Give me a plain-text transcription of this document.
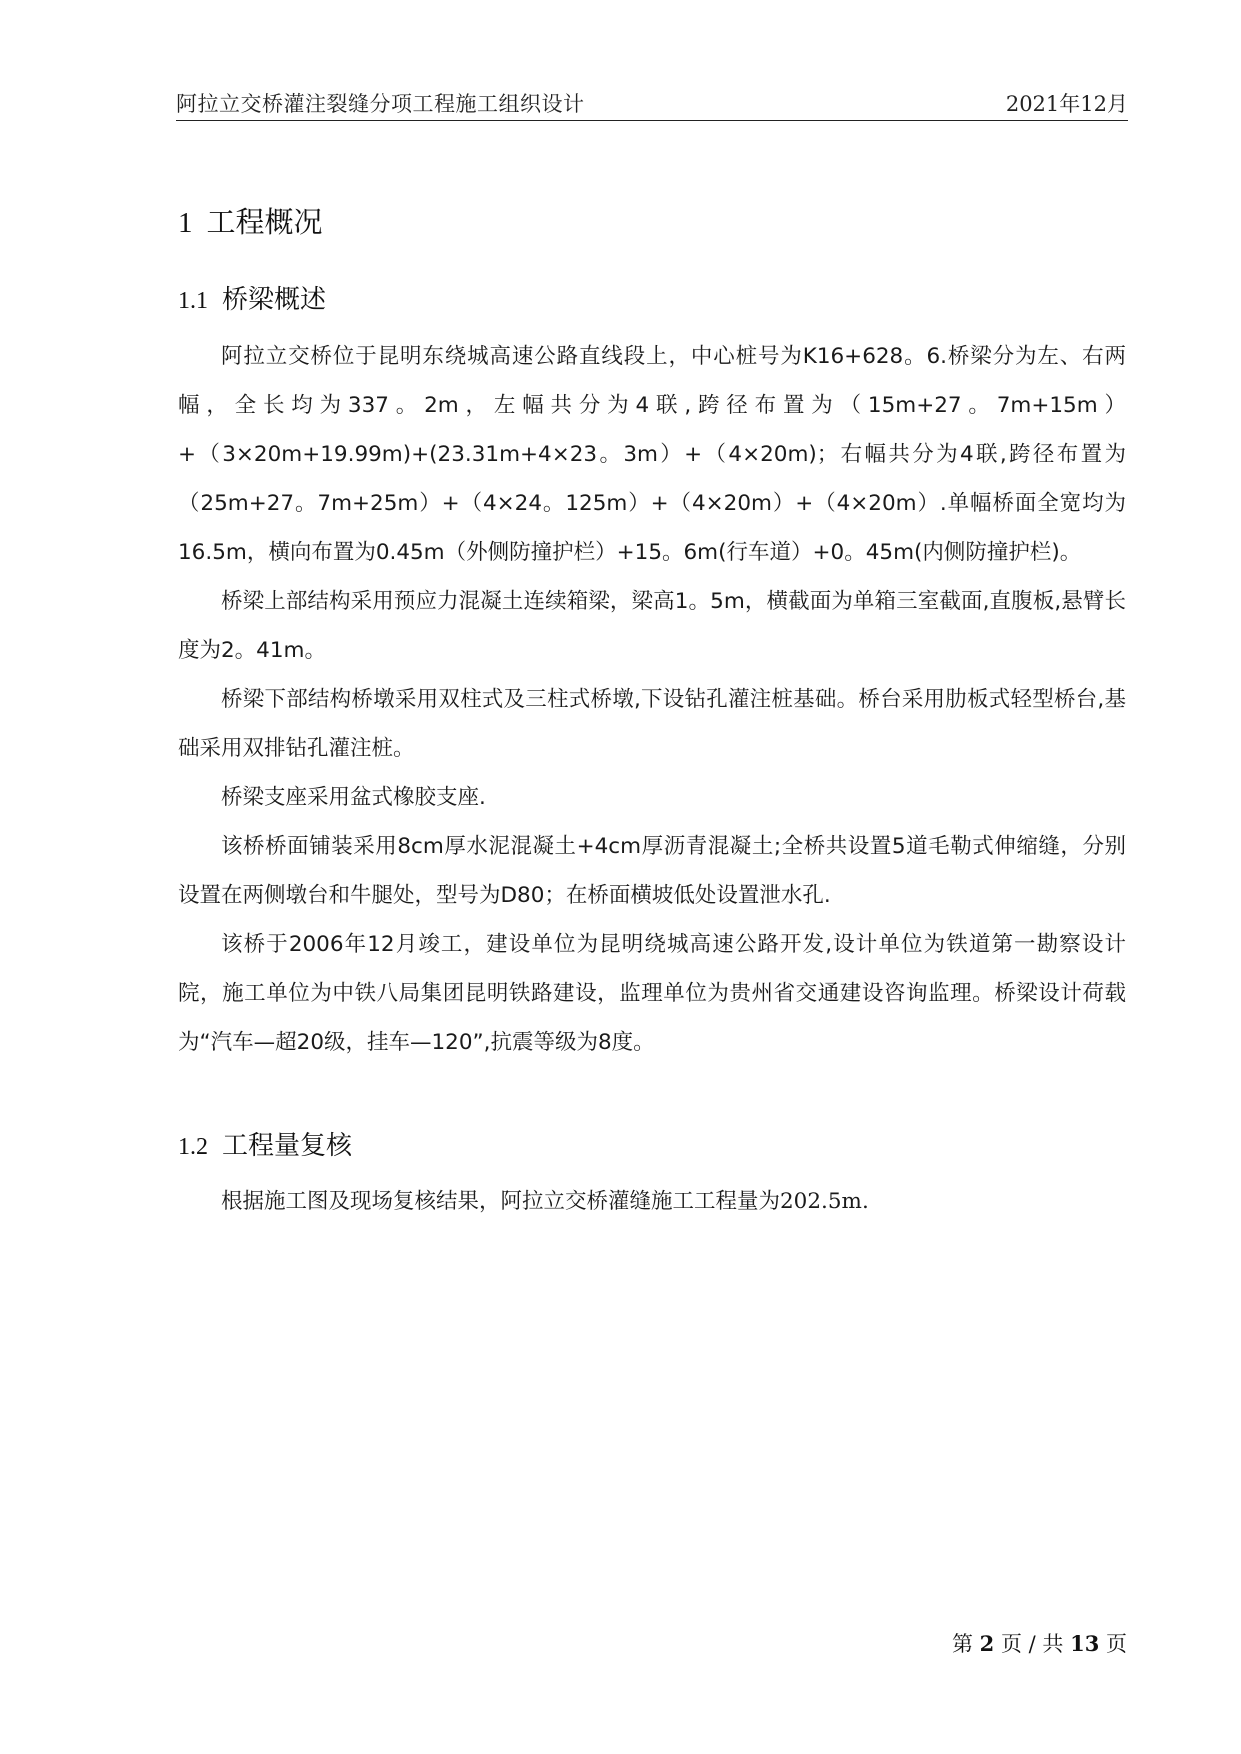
阿拉立交桥灌注裂缝分项工程施工组织设计	2021年12月
1 工程概况
1.1 桥梁概述

阿拉立交桥位于昆明东绕城高速公路直线段上，中心桩号为K16+628。6.桥梁分为左、右两幅，全长均为337。2m，左幅共分为4联,跨径布置为（15m+27。7m+15m）+（3×20m+19.99m)+(23.31m+4×23。3m）+（4×20m)；右幅共分为4联,跨径布置为（25m+27。7m+25m）+（4×24。125m）+（4×20m）+（4×20m）.单幅桥面全宽均为16.5m，横向布置为0.45m（外侧防撞护栏）+15。6m(行车道）+0。45m(内侧防撞护栏)。

桥梁上部结构采用预应力混凝土连续箱梁，梁高1。5m，横截面为单箱三室截面,直腹板,悬臂长度为2。41m。

桥梁下部结构桥墩采用双柱式及三柱式桥墩,下设钻孔灌注桩基础。桥台采用肋板式轻型桥台,基础采用双排钻孔灌注桩。

桥梁支座采用盆式橡胶支座.

该桥桥面铺装采用8cm厚水泥混凝土+4cm厚沥青混凝土;全桥共设置5道毛勒式伸缩缝，分别设置在两侧墩台和牛腿处，型号为D80；在桥面横坡低处设置泄水孔.

该桥于2006年12月竣工，建设单位为昆明绕城高速公路开发,设计单位为铁道第一勘察设计院，施工单位为中铁八局集团昆明铁路建设，监理单位为贵州省交通建设咨询监理。桥梁设计荷载为“汽车—超20级，挂车—120”,抗震等级为8度。

1.2 工程量复核

根据施工图及现场复核结果，阿拉立交桥灌缝施工工程量为202.5m.

第 2 页 / 共 13 页
